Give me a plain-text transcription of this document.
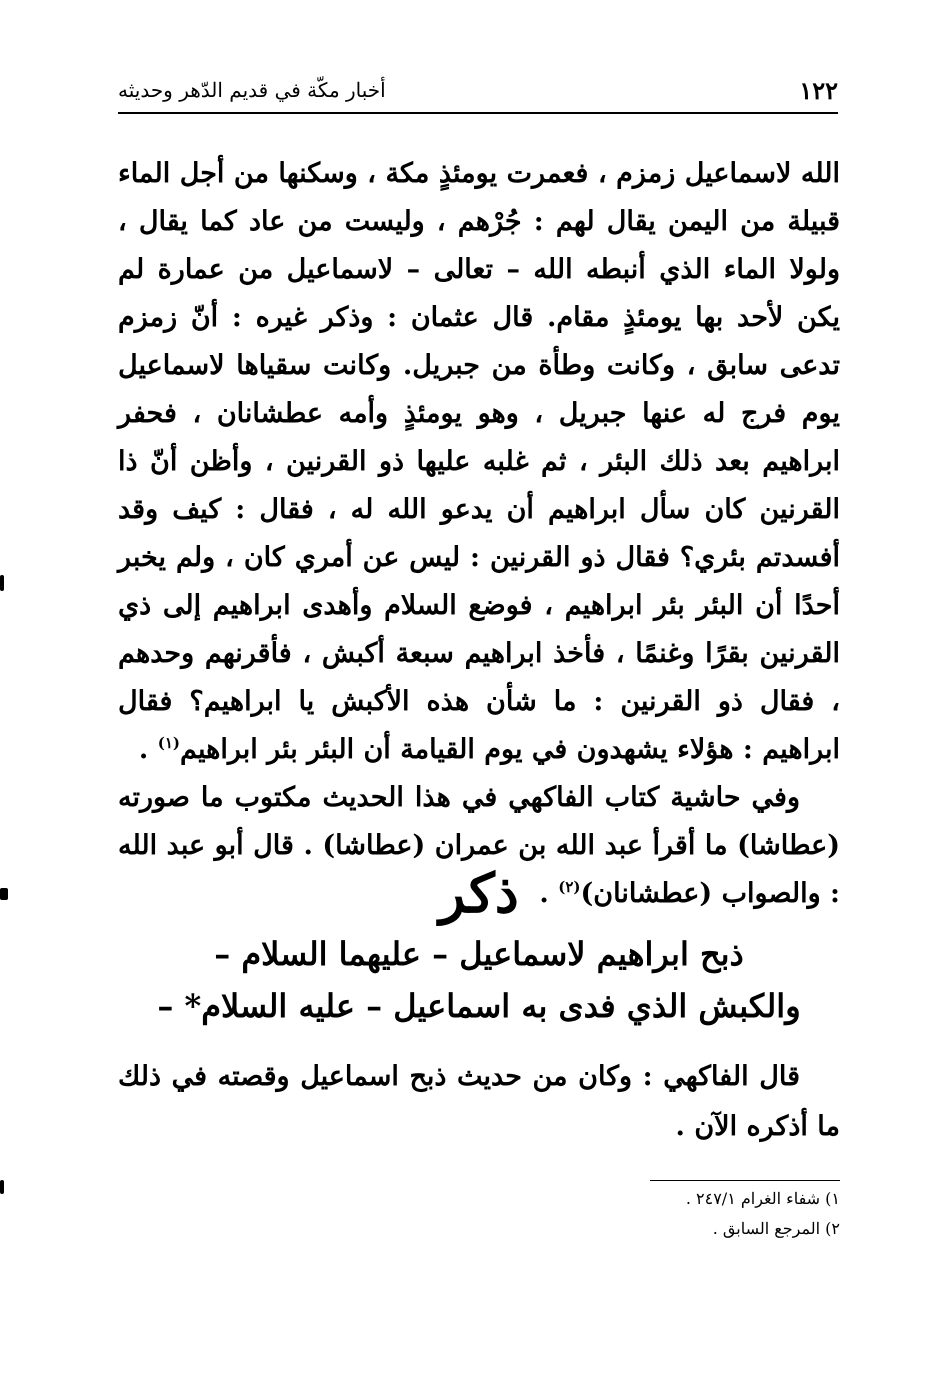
١٢٢
أخبار مكّة في قديم الدّهر وحديثه

الله لاسماعيل زمزم ، فعمرت يومئذٍ مكة ، وسكنها من أجل الماء قبيلة من اليمن يقال لهم : جُرْهم ، وليست من عاد كما يقال ، ولولا الماء الذي أنبطه الله – تعالى – لاسماعيل من عمارة لم يكن لأحد بها يومئذٍ مقام. قال عثمان : وذكر غيره : أنّ زمزم تدعى سابق ، وكانت وطأة من جبريل. وكانت سقياها لاسماعيل يوم فرج له عنها جبريل ، وهو يومئذٍ وأمه عطشانان ، فحفر ابراهيم بعد ذلك البئر ، ثم غلبه عليها ذو القرنين ، وأظن أنّ ذا القرنين كان سأل ابراهيم أن يدعو الله له ، فقال : كيف وقد أفسدتم بئري؟ فقال ذو القرنين : ليس عن أمري كان ، ولم يخبر أحدًا أن البئر بئر ابراهيم ، فوضع السلام وأهدى ابراهيم إلى ذي القرنين بقرًا وغنمًا ، فأخذ ابراهيم سبعة أكبش ، فأقرنهم وحدهم ، فقال ذو القرنين : ما شأن هذه الأكبش يا ابراهيم؟ فقال ابراهيم : هؤلاء يشهدون في يوم القيامة أن البئر بئر ابراهيم$^{(١)}$ .

وفي حاشية كتاب الفاكهي في هذا الحديث مكتوب ما صورته (عطاشا) ما أقرأ عبد الله بن عمران (عطاشا) . قال أبو عبد الله : والصواب (عطشانان)$^{(٢)}$ .

ذكر
ذبح ابراهيم لاسماعيل – عليهما السلام –
والكبش الذي فدى به اسماعيل – عليه السلام* –

قال الفاكهي : وكان من حديث ذبح اسماعيل وقصته في ذلك ما أذكره الآن .

١) شفاء الغرام ٢٤٧/١ .
٢) المرجع السابق .
